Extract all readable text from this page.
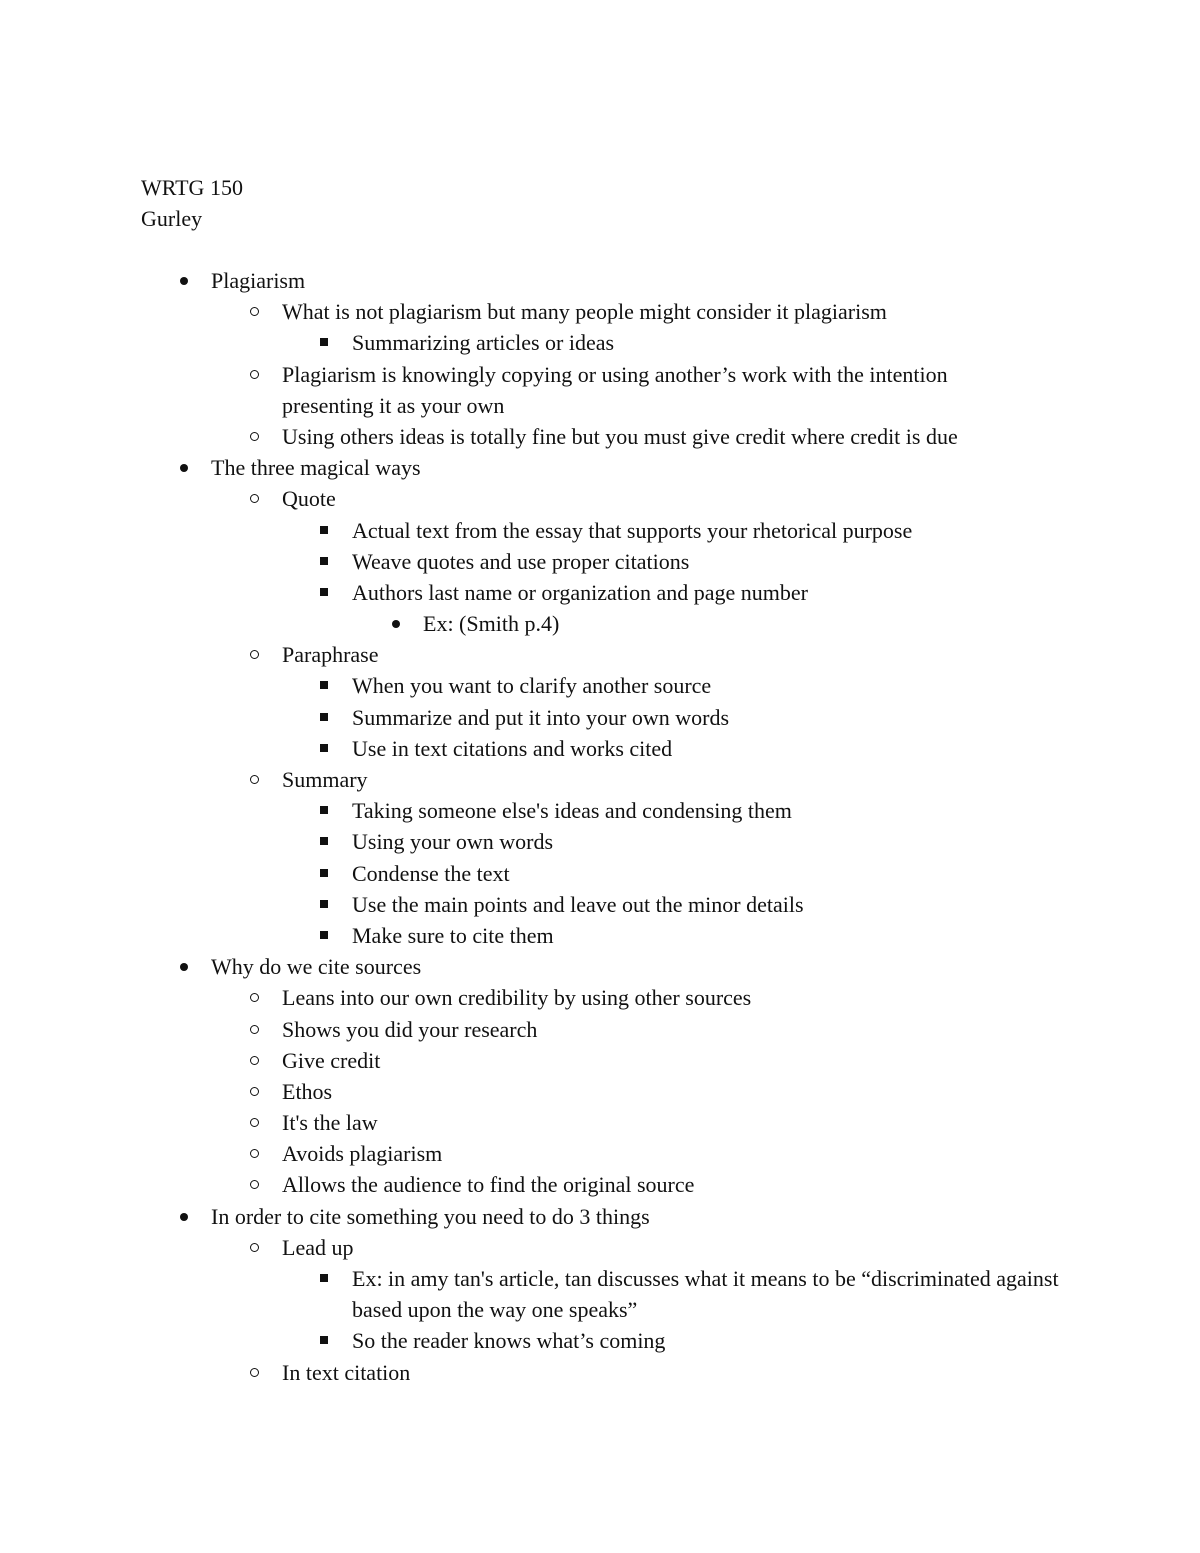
WRTG 150
Gurley
Plagiarism
What is not plagiarism but many people might consider it plagiarism
Summarizing articles or ideas
Plagiarism is knowingly copying or using another’s work with the intention presenting it as your own
Using others ideas is totally fine but you must give credit where credit is due
The three magical ways
Quote
Actual text from the essay that supports your rhetorical purpose
Weave quotes and use proper citations
Authors last name or organization and page number
Ex: (Smith p.4)
Paraphrase
When you want to clarify another source
Summarize and put it into your own words
Use in text citations and works cited
Summary
Taking someone else's ideas and condensing them
Using your own words
Condense the text
Use the main points and leave out the minor details
Make sure to cite them
Why do we cite sources
Leans into our own credibility by using other sources
Shows you did your research
Give credit
Ethos
It's the law
Avoids plagiarism
Allows the audience to find the original source
In order to cite something you need to do 3 things
Lead up
Ex: in amy tan's article, tan discusses what it means to be “discriminated against based upon the way one speaks”
So the reader knows what’s coming
In text citation
